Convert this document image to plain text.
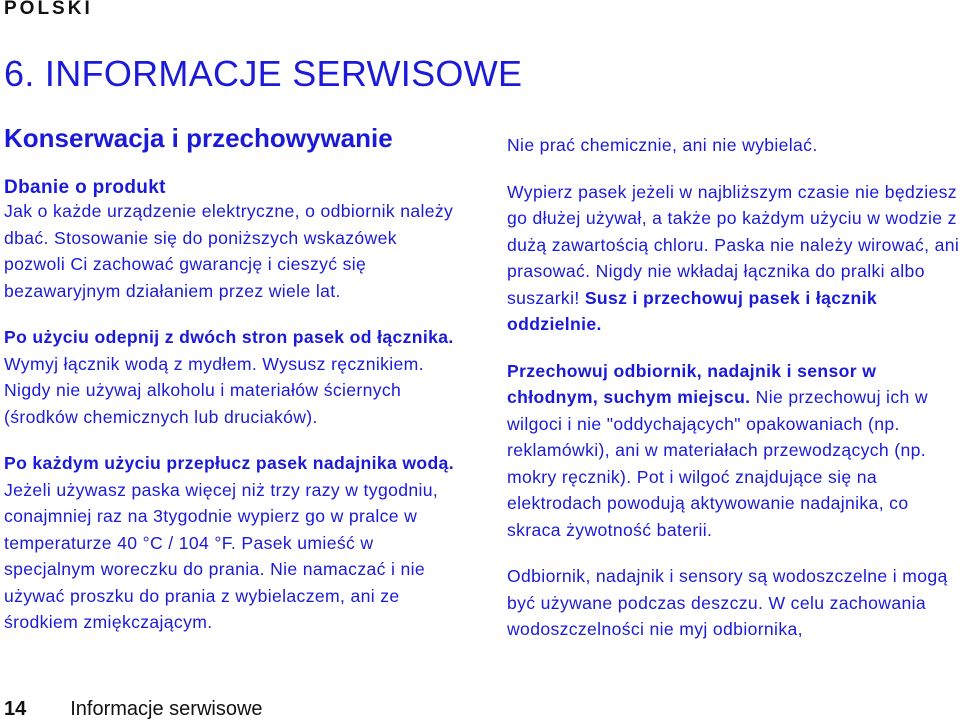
POLSKI
6. INFORMACJE SERWISOWE
Konserwacja i przechowywanie
Dbanie o produkt
Jak o każde urządzenie elektryczne, o odbiornik należy dbać. Stosowanie się do poniższych wskazówek pozwoli Ci zachować gwarancję i cieszyć się bezawaryjnym działaniem przez wiele lat.
Po użyciu odepnij z dwóch stron pasek od łącznika. Wymyj łącznik wodą z mydłem. Wysusz ręcznikiem. Nigdy nie używaj alkoholu i materiałów ściernych (środków chemicznych lub druciaków).
Po każdym użyciu przepłucz pasek nadajnika wodą. Jeżeli używasz paska więcej niż trzy razy w tygodniu, conajmniej raz na 3tygodnie wypierz go w pralce w temperaturze 40 °C / 104 °F. Pasek umieść w specjalnym woreczku do prania. Nie namaczać i nie używać proszku do prania z wybielaczem, ani ze środkiem zmiękczającym.
Nie prać chemicznie, ani nie wybielać.
Wypierz pasek jeżeli w najbliższym czasie nie będziesz go dłużej używał, a także po każdym użyciu w wodzie z dużą zawartością chloru. Paska nie należy wirować, ani prasować. Nigdy nie wkładaj łącznika do pralki albo suszarki! Susz i przechowuj pasek i łącznik oddzielnie.
Przechowuj odbiornik, nadajnik i sensor w chłodnym, suchym miejscu. Nie przechowuj ich w wilgoci i nie "oddychających" opakowaniach (np. reklamówki), ani w materiałach przewodzących (np. mokry ręcznik). Pot i wilgoć znajdujące się na elektrodach powodują aktywowanie nadajnika, co skraca żywotność baterii.
Odbiornik, nadajnik i sensory są wodoszczelne i mogą być używane podczas deszczu. W celu zachowania wodoszczelności nie myj odbiornika,
14 Informacje serwisowe
